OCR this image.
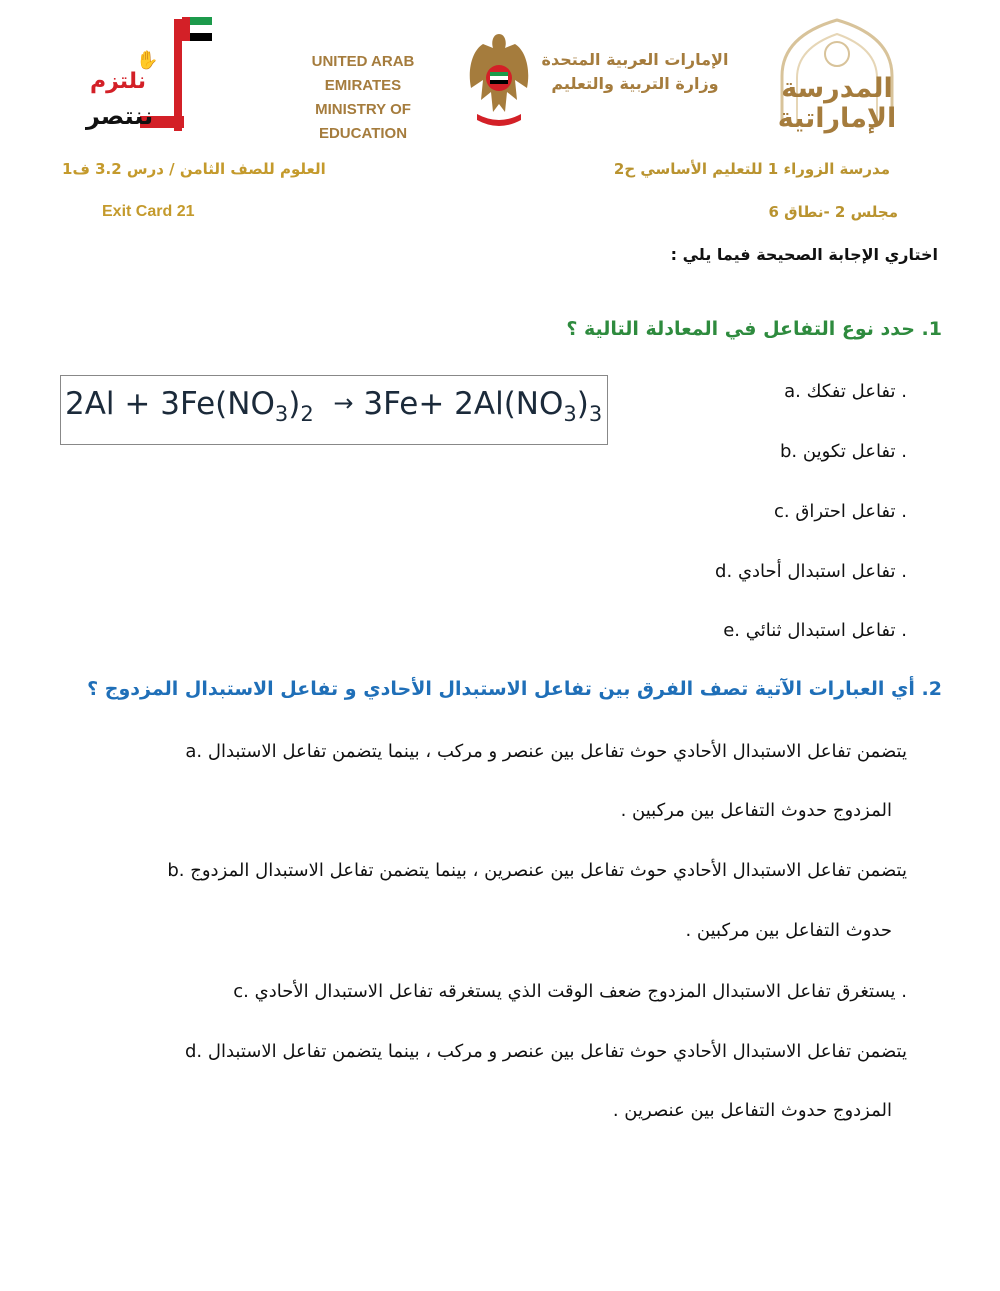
✋
نلتزم
ننتصر
UNITED ARAB EMIRATES
MINISTRY OF EDUCATION
الإمارات العربية المتحدة
وزارة التربية والتعليم	المدرسة
الإماراتية
مدرسة الزوراء 1 للتعليم الأساسي ح2
العلوم للصف الثامن / درس 3.2 ف1
مجلس 2 -نطاق 6
Exit Card 21
اختاري الإجابة الصحيحة فيما يلي :
1. حدد نوع التفاعل في المعادلة التالية ؟
$2Al + 3Fe(NO_3)_2 \to 3Fe+ 2Al(NO_3)_3$
a. تفاعل تفكك .
b. تفاعل تكوين .
c. تفاعل احتراق .
d. تفاعل استبدال أحادي .
e. تفاعل استبدال ثنائي .
2. أي العبارات الآتية تصف الفرق بين تفاعل الاستبدال الأحادي و تفاعل الاستبدال المزدوج ؟
a. يتضمن تفاعل الاستبدال الأحادي حوث تفاعل بين عنصر و مركب ، بينما يتضمن تفاعل الاستبدال
المزدوج حدوث التفاعل بين مركبين .
b. يتضمن تفاعل الاستبدال الأحادي حوث تفاعل بين عنصرين ، بينما يتضمن تفاعل الاستبدال المزدوج
حدوث التفاعل بين مركبين .
c. يستغرق تفاعل الاستبدال المزدوج ضعف الوقت الذي يستغرقه تفاعل الاستبدال الأحادي .
d. يتضمن تفاعل الاستبدال الأحادي حوث تفاعل بين عنصر و مركب ، بينما يتضمن تفاعل الاستبدال
المزدوج حدوث التفاعل بين عنصرين .
